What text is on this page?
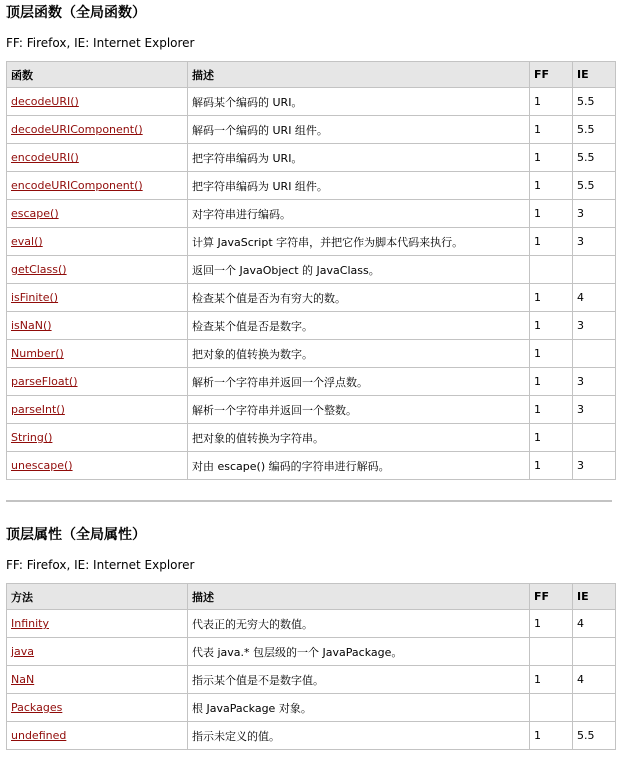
顶层函数（全局函数）

FF: Firefox, IE: Internet Explorer

函数	描述	FF	IE
decodeURI()	解码某个编码的 URI。	1	5.5
decodeURIComponent()	解码一个编码的 URI 组件。	1	5.5
encodeURI()	把字符串编码为 URI。	1	5.5
encodeURIComponent()	把字符串编码为 URI 组件。	1	5.5
escape()	对字符串进行编码。	1	3
eval()	计算 JavaScript 字符串，并把它作为脚本代码来执行。	1	3
getClass()	返回一个 JavaObject 的 JavaClass。		
isFinite()	检查某个值是否为有穷大的数。	1	4
isNaN()	检查某个值是否是数字。	1	3
Number()	把对象的值转换为数字。	1	
parseFloat()	解析一个字符串并返回一个浮点数。	1	3
parseInt()	解析一个字符串并返回一个整数。	1	3
String()	把对象的值转换为字符串。	1	
unescape()	对由 escape() 编码的字符串进行解码。	1	3
顶层属性（全局属性）

FF: Firefox, IE: Internet Explorer

方法	描述	FF	IE
Infinity	代表正的无穷大的数值。	1	4
java	代表 java.* 包层级的一个 JavaPackage。		
NaN	指示某个值是不是数字值。	1	4
Packages	根 JavaPackage 对象。		
undefined	指示未定义的值。	1	5.5
